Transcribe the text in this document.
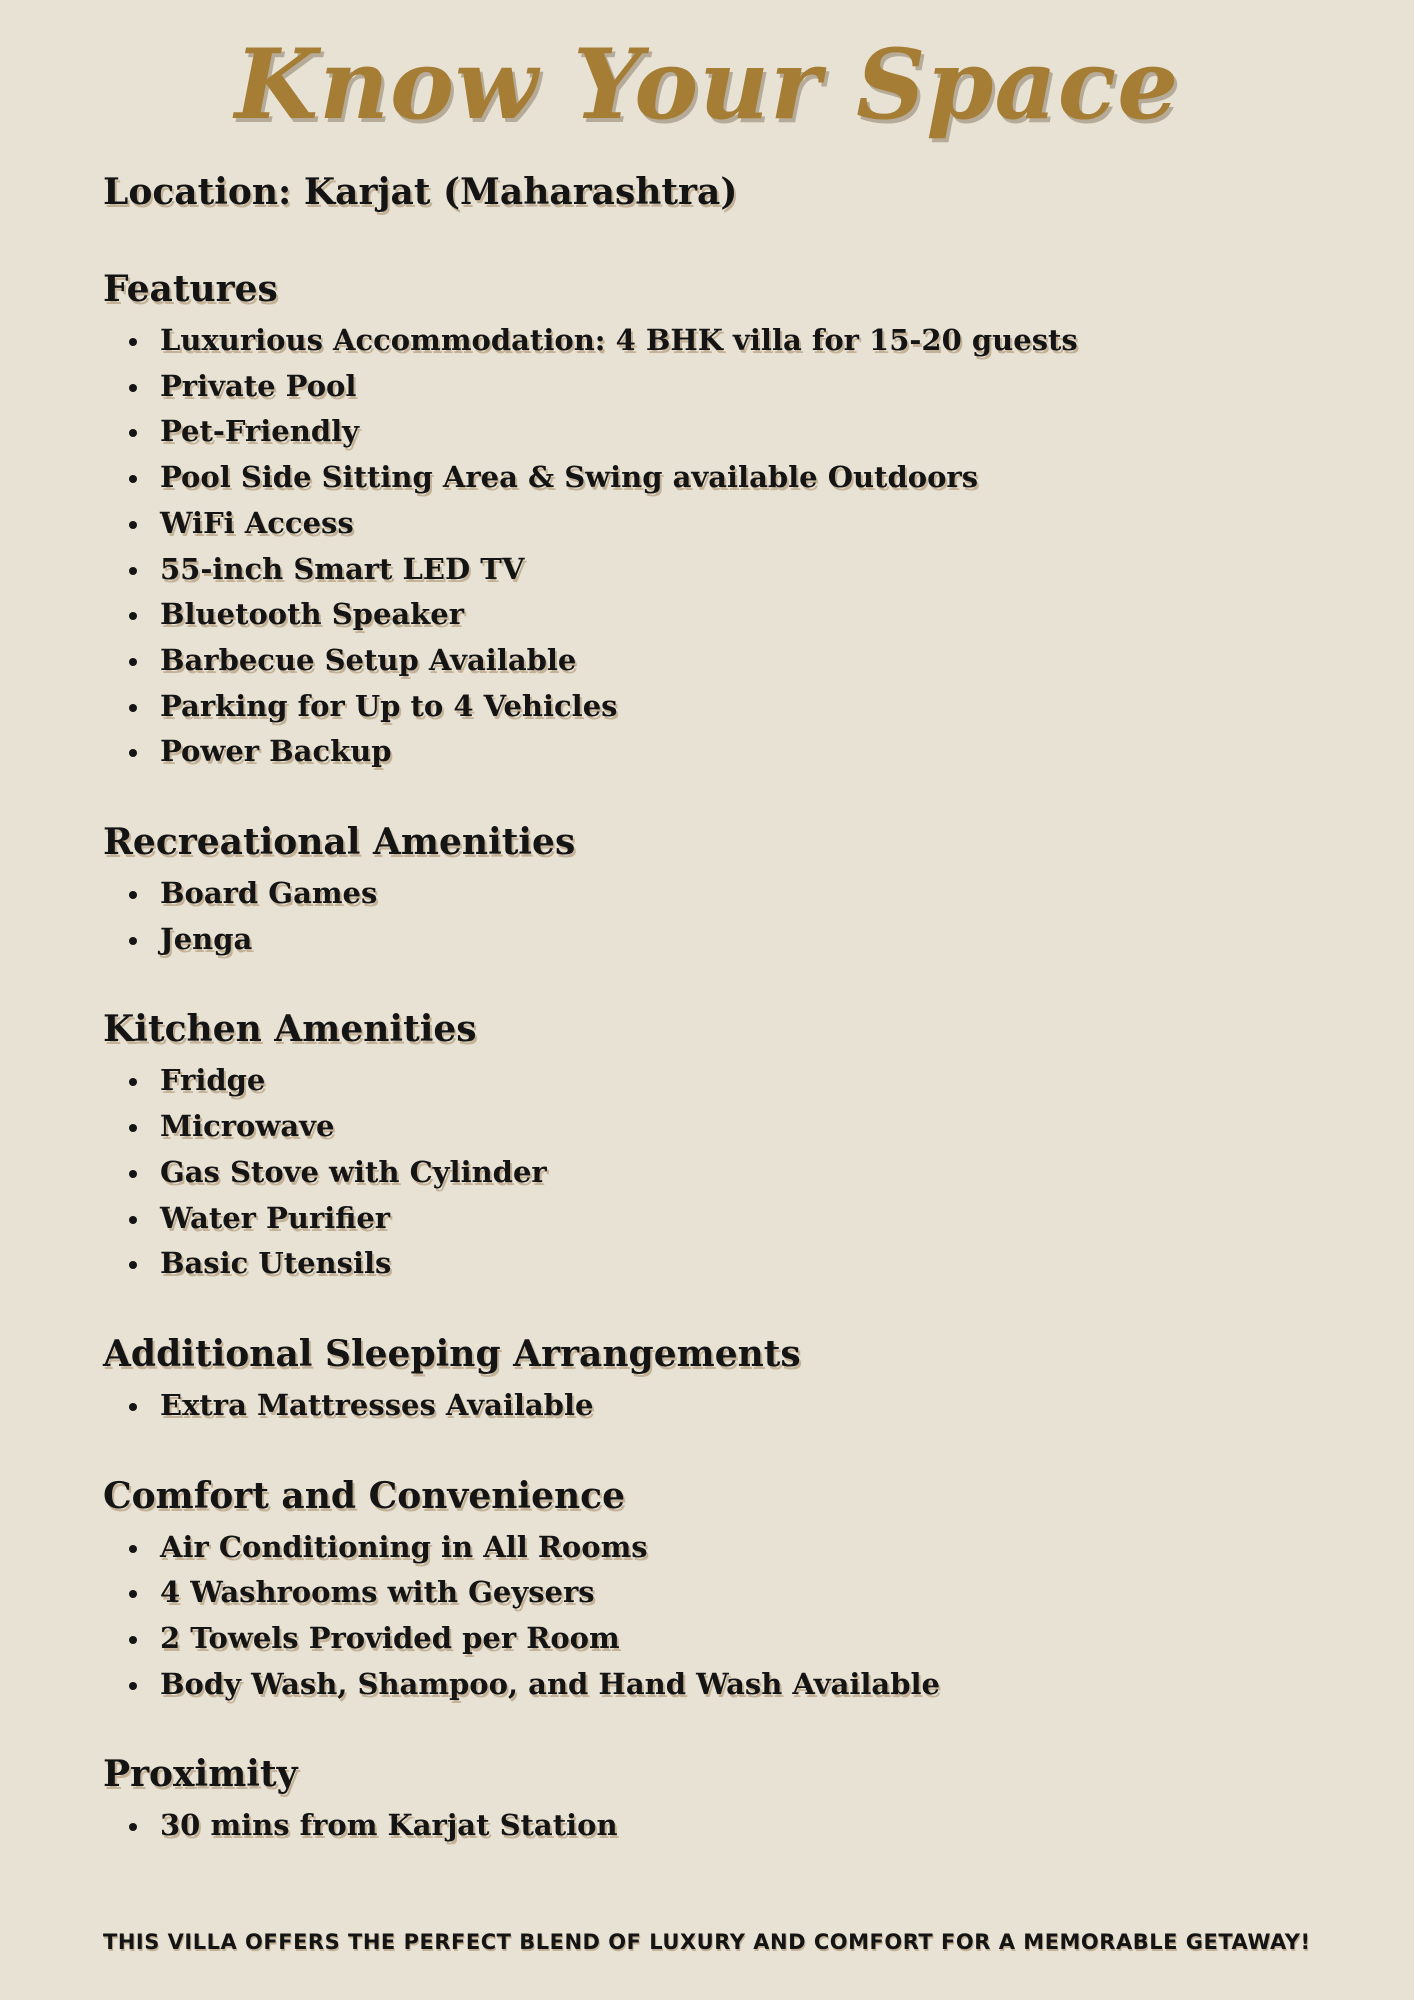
Know Your Space
Location: Karjat (Maharashtra)
Features
Luxurious Accommodation: 4 BHK villa for 15-20 guests
Private Pool
Pet-Friendly
Pool Side Sitting Area & Swing available Outdoors
WiFi Access
55-inch Smart LED TV
Bluetooth Speaker
Barbecue Setup Available
Parking for Up to 4 Vehicles
Power Backup
Recreational Amenities
Board Games
Jenga
Kitchen Amenities
Fridge
Microwave
Gas Stove with Cylinder
Water Purifier
Basic Utensils
Additional Sleeping Arrangements
Extra Mattresses Available
Comfort and Convenience
Air Conditioning in All Rooms
4 Washrooms with Geysers
2 Towels Provided per Room
Body Wash, Shampoo, and Hand Wash Available
Proximity
30 mins from Karjat Station

THIS VILLA OFFERS THE PERFECT BLEND OF LUXURY AND COMFORT FOR A MEMORABLE GETAWAY!
